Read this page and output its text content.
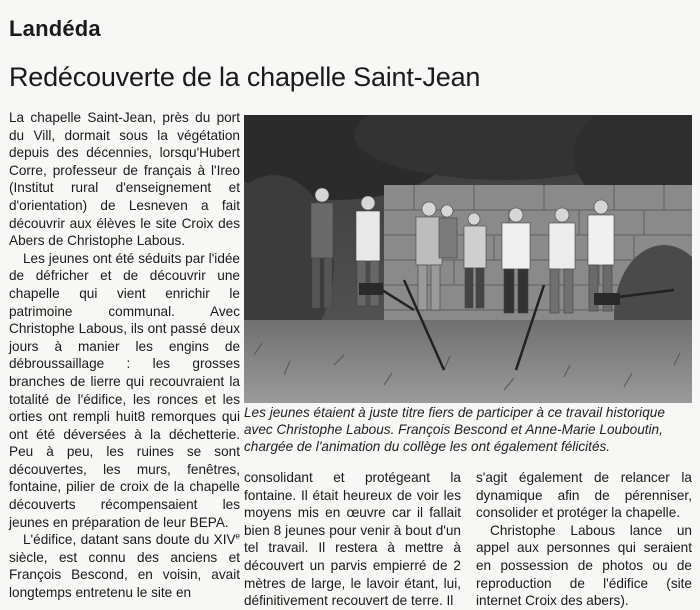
Landéda
Redécouverte de la chapelle Saint-Jean

La chapelle Saint-Jean, près du port du Vill, dormait sous la végétation depuis des décennies, lorsqu'Hubert Corre, professeur de français à l'Ireo (Institut rural d'enseignement et d'orientation) de Lesneven a fait découvrir aux élèves le site Croix des Abers de Christophe Labous.

Les jeunes ont été séduits par l'idée de défricher et de découvrir une chapelle qui vient enrichir le patrimoine communal. Avec Christophe Labous, ils ont passé deux jours à manier les engins de débroussaillage : les grosses branches de lierre qui recouvraient la totalité de l'édifice, les ronces et les orties ont rempli huit8 remorques qui ont été déversées à la déchetterie. Peu à peu, les ruines se sont découvertes, les murs, fenêtres, fontaine, pilier de croix de la chapelle découverts récompensaient les jeunes en préparation de leur BEPA.

L'édifice, datant sans doute du XIVe siècle, est connu des anciens et François Bescond, en voisin, avait longtemps entretenu le site en

Les jeunes étaient à juste titre fiers de participer à ce travail historique avec Christophe Labous. François Bescond et Anne-Marie Louboutin, chargée de l'animation du collège les ont également félicités.

consolidant et protégeant la fontaine. Il était heureux de voir les moyens mis en œuvre car il fallait bien 8 jeunes pour venir à bout d'un tel travail. Il restera à mettre à découvert un parvis empierré de 2 mètres de large, le lavoir étant, lui, définitivement recouvert de terre. Il

s'agit également de relancer la dynamique afin de pérenniser, consolider et protéger la chapelle.

Christophe Labous lance un appel aux personnes qui seraient en possession de photos ou de reproduction de l'édifice (site internet Croix des abers).
